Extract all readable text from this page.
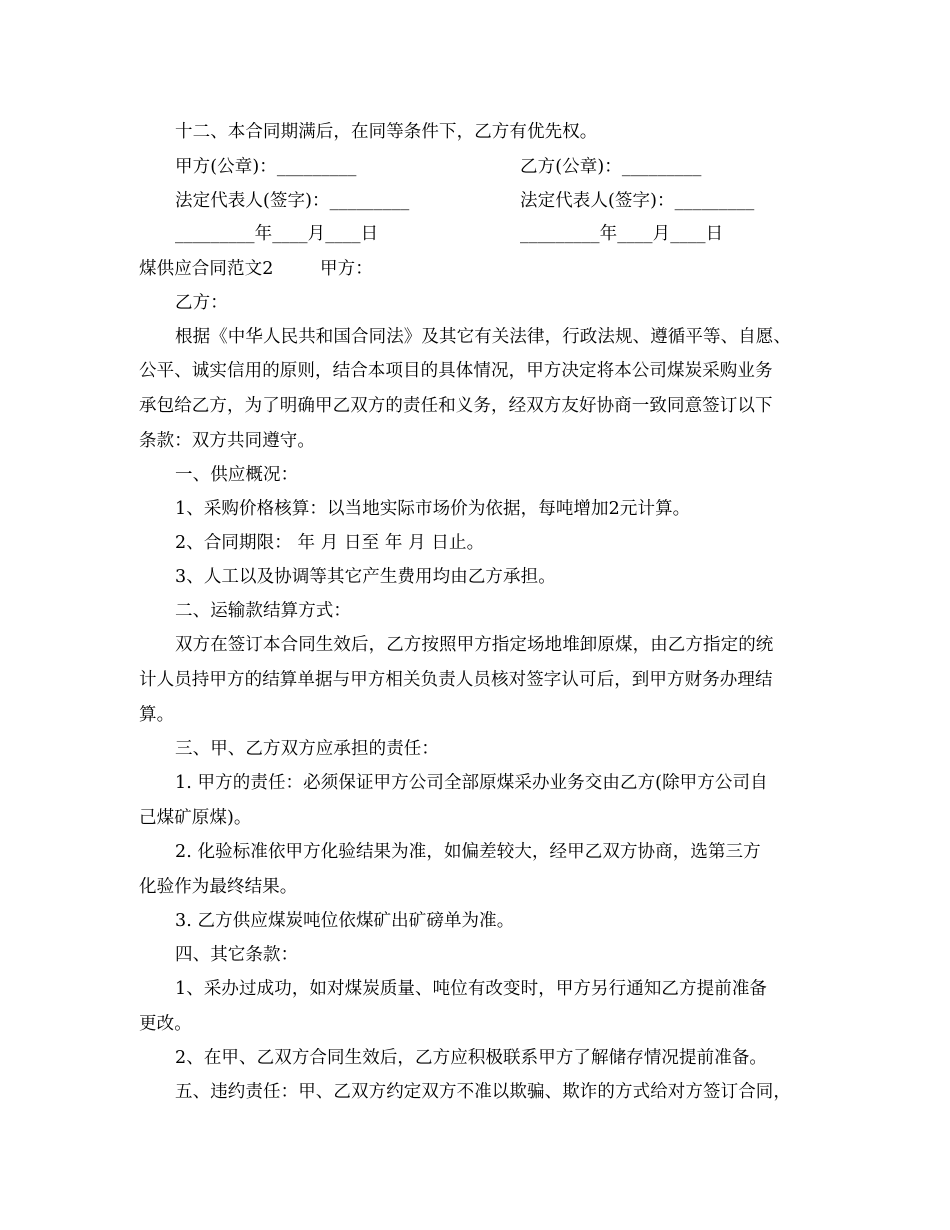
十二、本合同期满后，在同等条件下，乙方有优先权。
甲方(公章)：_________	乙方(公章)：_________
法定代表人(签字)：_________	法定代表人(签字)：_________
_________年____月____日	_________年____月____日
煤供应合同范文2	甲方：
乙方：
根据《中华人民共和国合同法》及其它有关法律，行政法规、遵循平等、自愿、
公平、诚实信用的原则，结合本项目的具体情况，甲方决定将本公司煤炭采购业务
承包给乙方，为了明确甲乙双方的责任和义务，经双方友好协商一致同意签订以下
条款：双方共同遵守。
一、供应概况：
1、采购价格核算：以当地实际市场价为依据，每吨增加2元计算。
2、合同期限： 年 月 日至 年 月 日止。
3、人工以及协调等其它产生费用均由乙方承担。
二、运输款结算方式：
双方在签订本合同生效后，乙方按照甲方指定场地堆卸原煤，由乙方指定的统
计人员持甲方的结算单据与甲方相关负责人员核对签字认可后，到甲方财务办理结
算。
三、甲、乙方双方应承担的责任：
1. 甲方的责任：必须保证甲方公司全部原煤采办业务交由乙方(除甲方公司自
己煤矿原煤)。
2. 化验标准依甲方化验结果为准，如偏差较大，经甲乙双方协商，选第三方
化验作为最终结果。
3. 乙方供应煤炭吨位依煤矿出矿磅单为准。
四、其它条款：
1、采办过成功，如对煤炭质量、吨位有改变时，甲方另行通知乙方提前准备
更改。
2、在甲、乙双方合同生效后，乙方应积极联系甲方了解储存情况提前准备。
五、违约责任：甲、乙双方约定双方不准以欺骗、欺诈的方式给对方签订合同，
